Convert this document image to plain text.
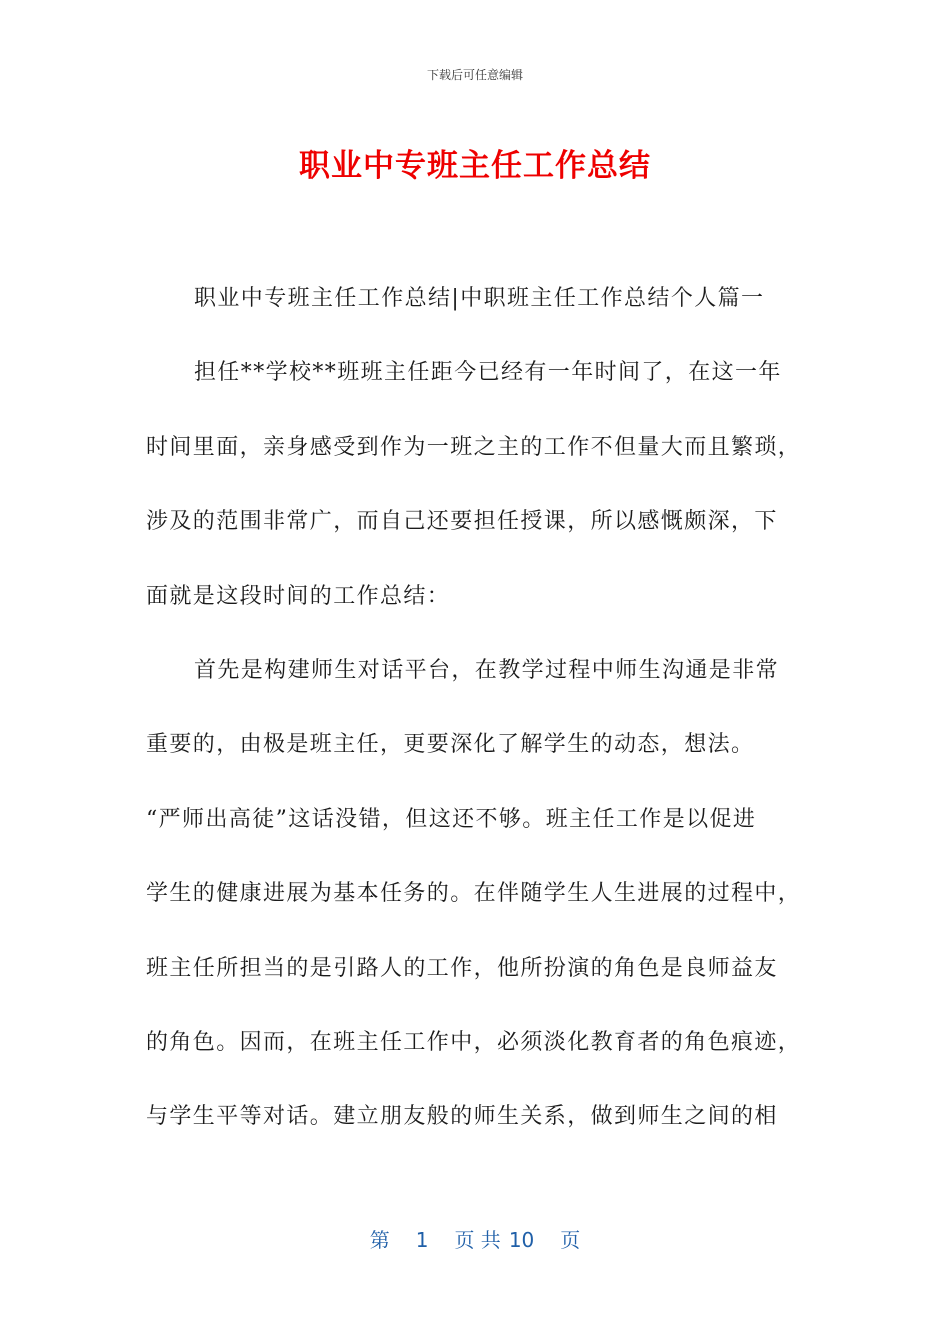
下载后可任意编辑
职业中专班主任工作总结

职业中专班主任工作总结|中职班主任工作总结个人篇一

担任**学校**班班主任距今已经有一年时间了，在这一年

时间里面，亲身感受到作为一班之主的工作不但量大而且繁琐，

涉及的范围非常广，而自己还要担任授课，所以感慨颇深，下

面就是这段时间的工作总结：

首先是构建师生对话平台，在教学过程中师生沟通是非常

重要的，由极是班主任，更要深化了解学生的动态，想法。

“严师出高徒”这话没错，但这还不够。班主任工作是以促进

学生的健康进展为基本任务的。在伴随学生人生进展的过程中，

班主任所担当的是引路人的工作，他所扮演的角色是良师益友

的角色。因而，在班主任工作中，必须淡化教育者的角色痕迹，

与学生平等对话。建立朋友般的师生关系，做到师生之间的相

第 1 页 共 10 页
